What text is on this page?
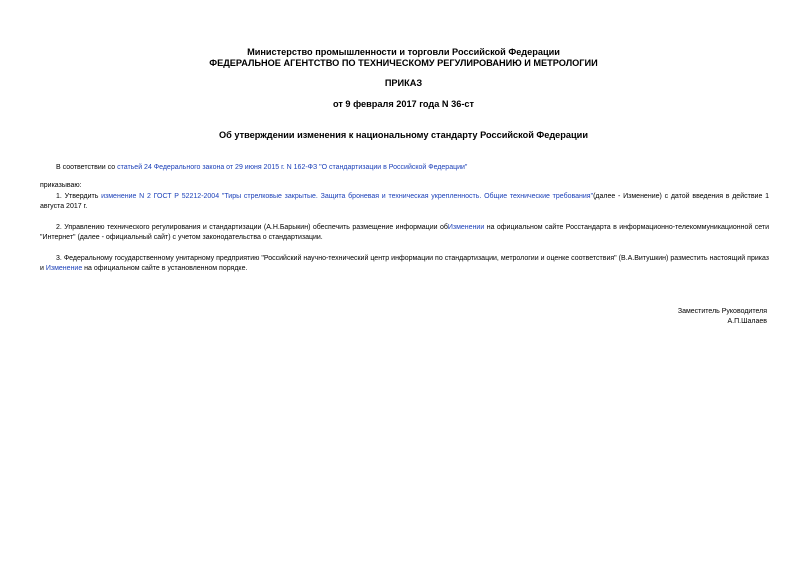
Министерство промышленности и торговли Российской Федерации
ФЕДЕРАЛЬНОЕ АГЕНТСТВО ПО ТЕХНИЧЕСКОМУ РЕГУЛИРОВАНИЮ И МЕТРОЛОГИИ
ПРИКАЗ
от 9 февраля 2017 года N 36-ст
Об утверждении изменения к национальному стандарту Российской Федерации
В соответствии со статьей 24 Федерального закона от 29 июня 2015 г. N 162-ФЗ "О стандартизации в Российской Федерации"
приказываю:
1. Утвердить изменение N 2 ГОСТ Р 52212-2004 "Тиры стрелковые закрытые. Защита броневая и техническая укрепленность. Общие технические требования"(далее - Изменение) с датой введения в действие 1 августа 2017 г.
2. Управлению технического регулирования и стандартизации (А.Н.Барыкин) обеспечить размещение информации обИзменении на официальном сайте Росстандарта в информационно-телекоммуникационной сети "Интернет" (далее - официальный сайт) с учетом законодательства о стандартизации.
3. Федеральному государственному унитарному предприятию "Российский научно-технический центр информации по стандартизации, метрологии и оценке соответствия" (В.А.Витушкин) разместить настоящий приказ и Изменение на официальном сайте в установленном порядке.
Заместитель Руководителя
А.П.Шалаев
